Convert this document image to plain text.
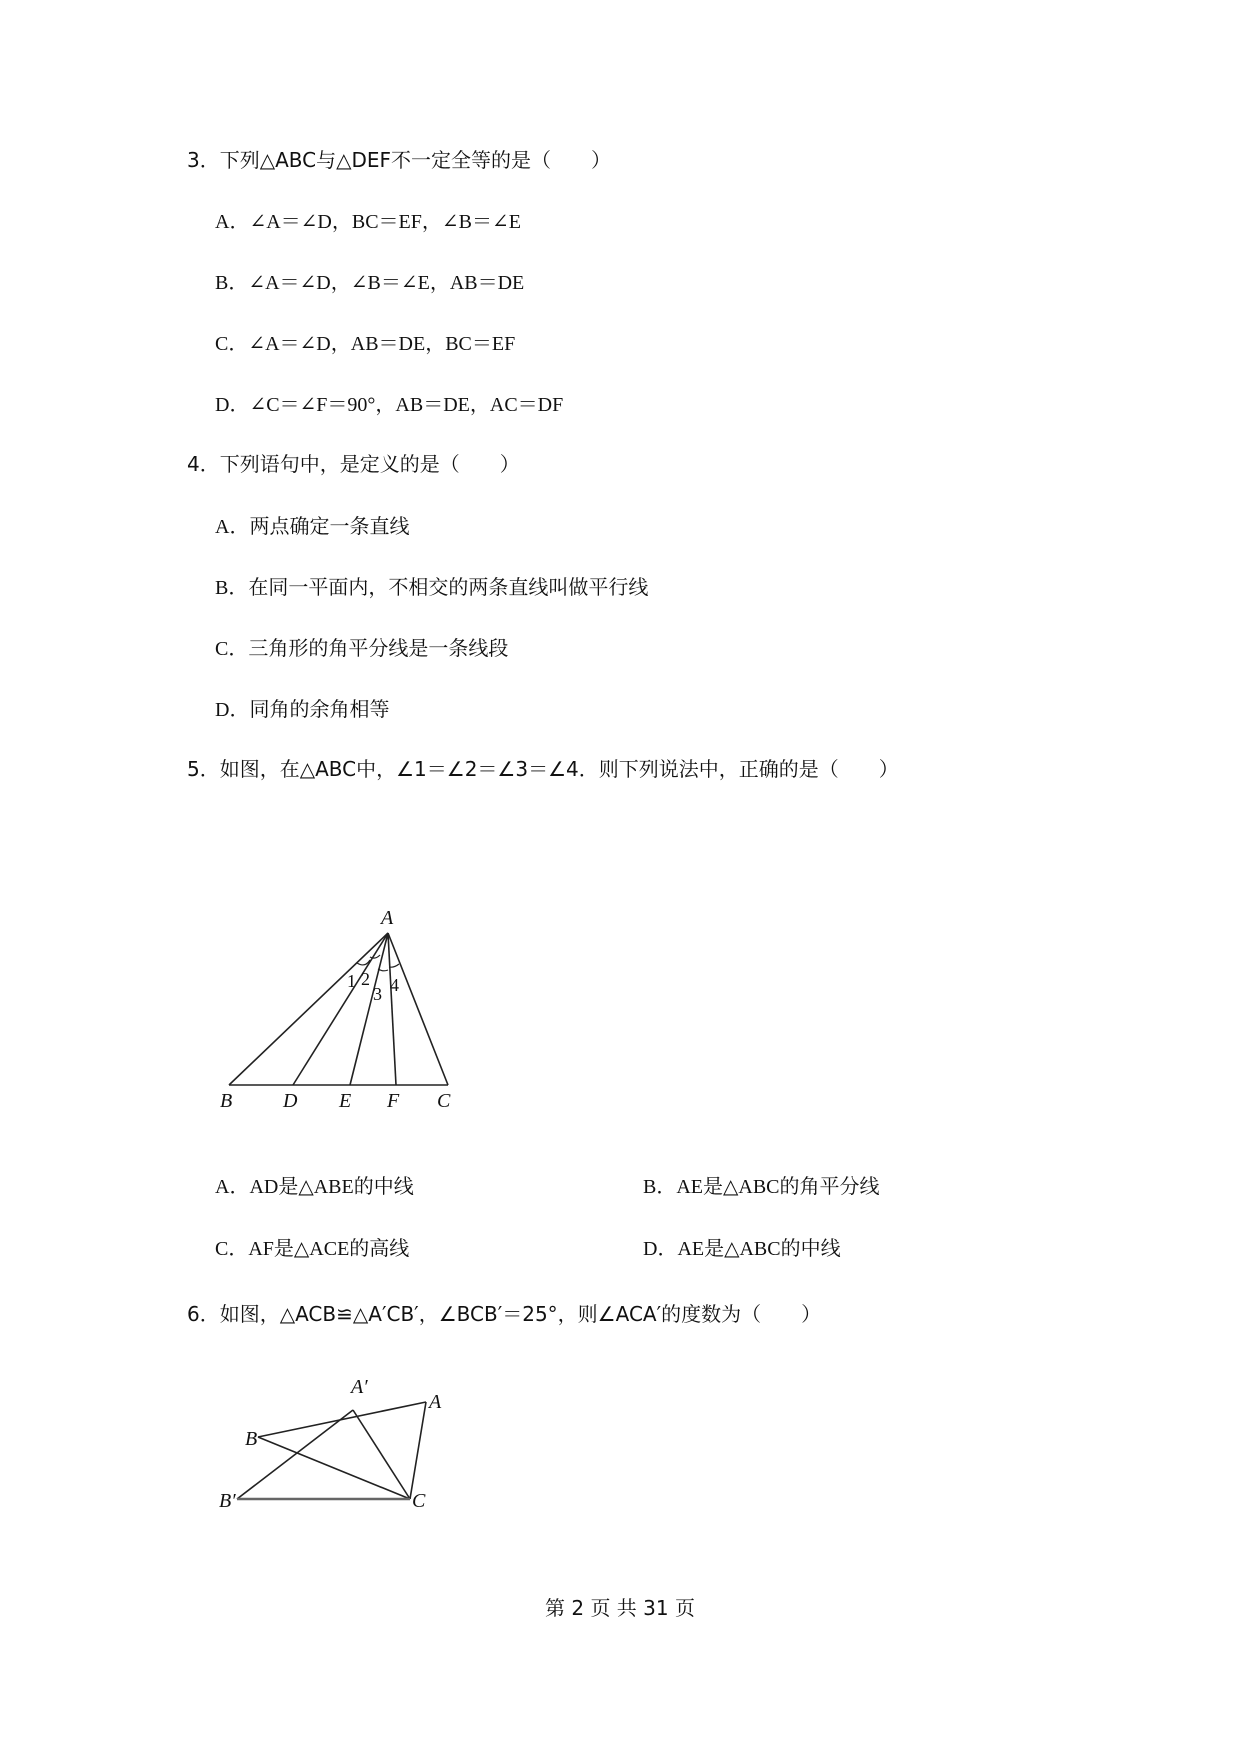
3．下列△ABC与△DEF不一定全等的是（　　）
A．∠A＝∠D，BC＝EF，∠B＝∠E
B．∠A＝∠D，∠B＝∠E，AB＝DE
C．∠A＝∠D，AB＝DE，BC＝EF
D．∠C＝∠F＝90°，AB＝DE，AC＝DF
4．下列语句中，是定义的是（　　）
A．两点确定一条直线
B．在同一平面内，不相交的两条直线叫做平行线
C．三角形的角平分线是一条线段
D．同角的余角相等
5．如图，在△ABC中，∠1＝∠2＝∠3＝∠4．则下列说法中，正确的是（　　）
A
B	D E F C
1 2
3 4
A．AD是△ABE的中线	B．AE是△ABC的角平分线
C．AF是△ACE的高线	D．AE是△ABC的中线
6．如图，△ACB≌△A′CB′，∠BCB′＝25°，则∠ACA′的度数为（　　）
A′
A
B
B′	C
第 2 页 共 31 页
